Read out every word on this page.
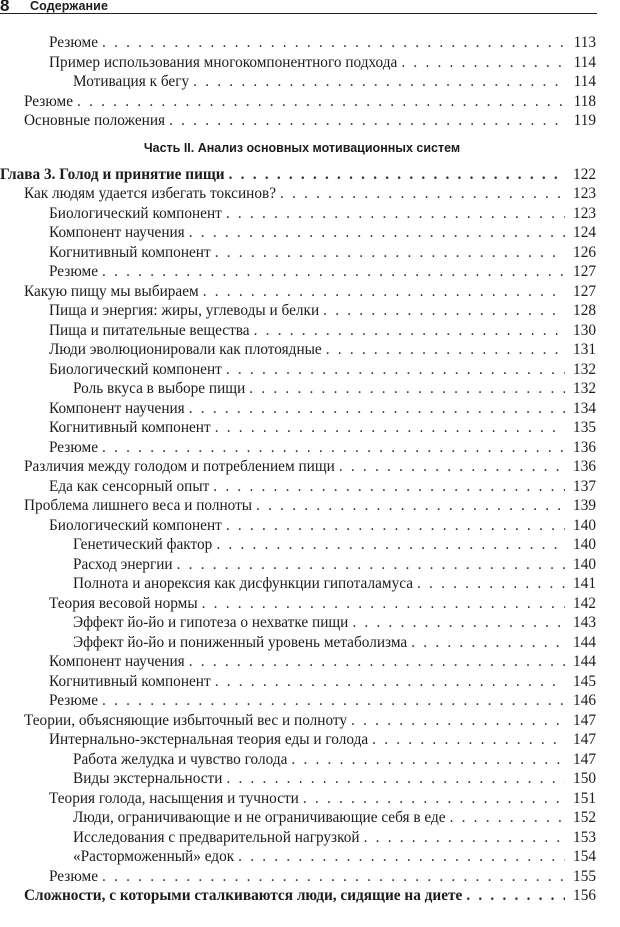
8 Содержание
Резюме . . .	113
Пример использования многокомпонентного подхода . . .	114
Мотивация к бегу . . .	114
Резюме . . .	118
Основные положения . . .	119
Часть II. Анализ основных мотивационных систем
Глава 3. Голод и принятие пищи . . .	122
Как людям удается избегать токсинов? . . .	123
Биологический компонент . . .	123
Компонент научения . . .	124
Когнитивный компонент . . .	126
Резюме . . .	127
Какую пищу мы выбираем . . .	127
Пища и энергия: жиры, углеводы и белки . . .	128
Пища и питательные вещества . . .	130
Люди эволюционировали как плотоядные . . .	131
Биологический компонент . . .	132
Роль вкуса в выборе пищи . . .	132
Компонент научения . . .	134
Когнитивный компонент . . .	135
Резюме . . .	136
Различия между голодом и потреблением пищи . . .	136
Еда как сенсорный опыт . . .	137
Проблема лишнего веса и полноты . . .	139
Биологический компонент . . .	140
Генетический фактор . . .	140
Расход энергии . . .	140
Полнота и анорексия как дисфункции гипоталамуса . . .	141
Теория весовой нормы . . .	142
Эффект йо-йо и гипотеза о нехватке пищи . . .	143
Эффект йо-йо и пониженный уровень метаболизма . . .	144
Компонент научения . . .	144
Когнитивный компонент . . .	145
Резюме . . .	146
Теории, объясняющие избыточный вес и полноту . . .	147
Интернально-экстернальная теория еды и голода . . .	147
Работа желудка и чувство голода . . .	147
Виды экстернальности . . .	150
Теория голода, насыщения и тучности . . .	151
Люди, ограничивающие и не ограничивающие себя в еде . . .	152
Исследования с предварительной нагрузкой . . .	153
«Расторможенный» едок . . .	154
Резюме . . .	155
Сложности, с которыми сталкиваются люди, сидящие на диете . . .	156
